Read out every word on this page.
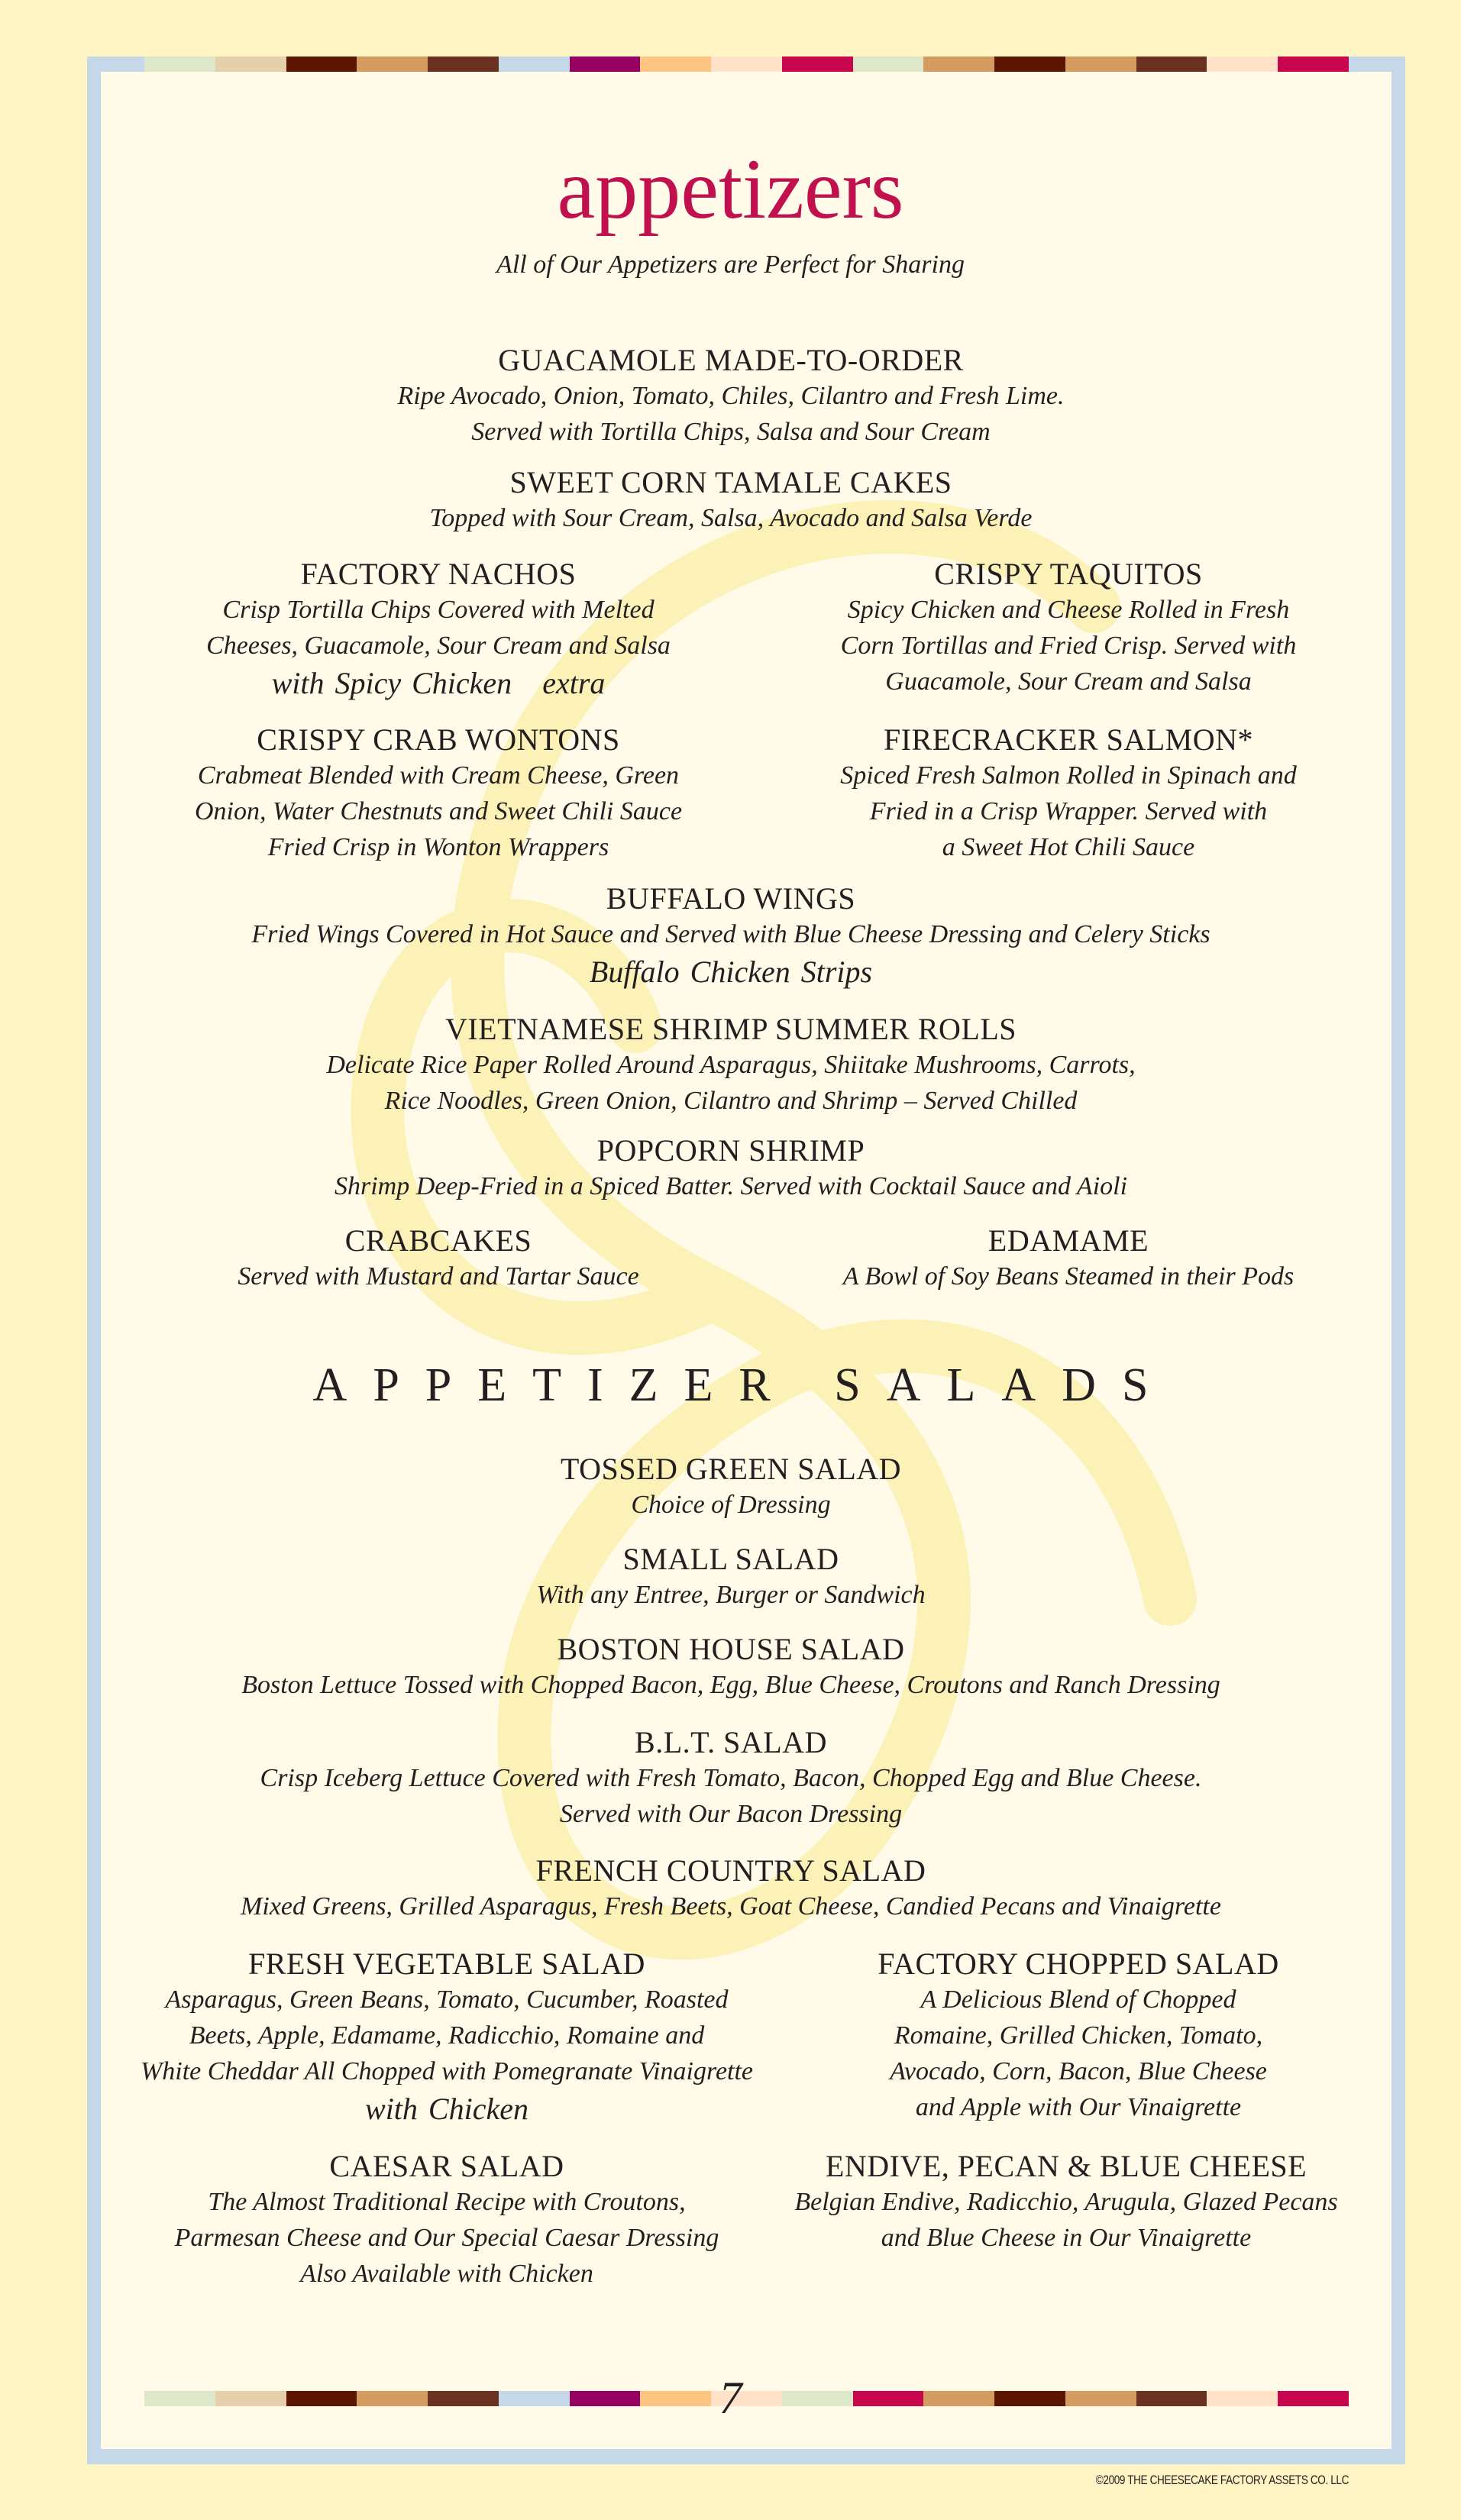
appetizers
All of Our Appetizers are Perfect for Sharing
GUACAMOLE MADE-TO-ORDER
Ripe Avocado, Onion, Tomato, Chiles, Cilantro and Fresh Lime.
Served with Tortilla Chips, Salsa and Sour Cream
SWEET CORN TAMALE CAKES
Topped with Sour Cream, Salsa, Avocado and Salsa Verde
FACTORY NACHOS
Crisp Tortilla Chips Covered with Melted
Cheeses, Guacamole, Sour Cream and Salsa
with Spicy Chicken extra
CRISPY TAQUITOS
Spicy Chicken and Cheese Rolled in Fresh
Corn Tortillas and Fried Crisp. Served with
Guacamole, Sour Cream and Salsa
CRISPY CRAB WONTONS
Crabmeat Blended with Cream Cheese, Green
Onion, Water Chestnuts and Sweet Chili Sauce
Fried Crisp in Wonton Wrappers
FIRECRACKER SALMON*
Spiced Fresh Salmon Rolled in Spinach and
Fried in a Crisp Wrapper. Served with
a Sweet Hot Chili Sauce
BUFFALO WINGS
Fried Wings Covered in Hot Sauce and Served with Blue Cheese Dressing and Celery Sticks
Buffalo Chicken Strips
VIETNAMESE SHRIMP SUMMER ROLLS
Delicate Rice Paper Rolled Around Asparagus, Shiitake Mushrooms, Carrots,
Rice Noodles, Green Onion, Cilantro and Shrimp – Served Chilled
POPCORN SHRIMP
Shrimp Deep-Fried in a Spiced Batter. Served with Cocktail Sauce and Aioli
CRABCAKES
Served with Mustard and Tartar Sauce
EDAMAME
A Bowl of Soy Beans Steamed in their Pods
APPETIZER SALADS
TOSSED GREEN SALAD
Choice of Dressing
SMALL SALAD
With any Entree, Burger or Sandwich
BOSTON HOUSE SALAD
Boston Lettuce Tossed with Chopped Bacon, Egg, Blue Cheese, Croutons and Ranch Dressing
B.L.T. SALAD
Crisp Iceberg Lettuce Covered with Fresh Tomato, Bacon, Chopped Egg and Blue Cheese.
Served with Our Bacon Dressing
FRENCH COUNTRY SALAD
Mixed Greens, Grilled Asparagus, Fresh Beets, Goat Cheese, Candied Pecans and Vinaigrette
FRESH VEGETABLE SALAD
Asparagus, Green Beans, Tomato, Cucumber, Roasted
Beets, Apple, Edamame, Radicchio, Romaine and
White Cheddar All Chopped with Pomegranate Vinaigrette
with Chicken
FACTORY CHOPPED SALAD
A Delicious Blend of Chopped
Romaine, Grilled Chicken, Tomato,
Avocado, Corn, Bacon, Blue Cheese
and Apple with Our Vinaigrette
CAESAR SALAD
The Almost Traditional Recipe with Croutons,
Parmesan Cheese and Our Special Caesar Dressing
Also Available with Chicken
ENDIVE, PECAN & BLUE CHEESE
Belgian Endive, Radicchio, Arugula, Glazed Pecans
and Blue Cheese in Our Vinaigrette
7
©2009 THE CHEESECAKE FACTORY ASSETS CO. LLC
